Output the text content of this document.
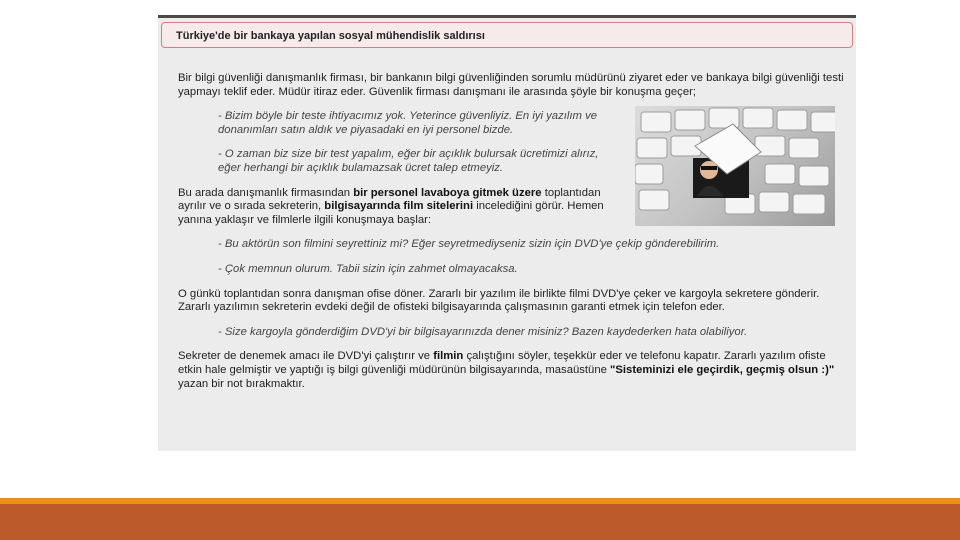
Türkiye'de bir bankaya yapılan sosyal mühendislik saldırısı

Bir bilgi güvenliği danışmanlık firması, bir bankanın bilgi güvenliğinden sorumlu müdürünü ziyaret eder ve bankaya bilgi güvenliği testi yapmayı teklif eder. Müdür itiraz eder. Güvenlik firması danışmanı ile arasında şöyle bir konuşma geçer;

- Bizim böyle bir teste ihtiyacımız yok. Yeterince güvenliyiz. En iyi yazılım ve donanımları satın aldık ve piyasadaki en iyi personel bizde.

- O zaman biz size bir test yapalım, eğer bir açıklık bulursak ücretimizi alırız, eğer herhangi bir açıklık bulamazsak ücret talep etmeyiz.

Bu arada danışmanlık firmasından bir personel lavaboya gitmek üzere toplantıdan ayrılır ve o sırada sekreterin, bilgisayarında film sitelerini incelediğini görür. Hemen yanına yaklaşır ve filmlerle ilgili konuşmaya başlar:

- Bu aktörün son filmini seyrettiniz mi? Eğer seyretmediyseniz sizin için DVD'ye çekip gönderebilirim.

- Çok memnun olurum. Tabii sizin için zahmet olmayacaksa.

O günkü toplantıdan sonra danışman ofise döner. Zararlı bir yazılım ile birlikte filmi DVD'ye çeker ve kargoyla sekretere gönderir. Zararlı yazılımın sekreterin evdeki değil de ofisteki bilgisayarında çalışmasının garanti etmek için telefon eder.

- Size kargoyla gönderdiğim DVD'yi bir bilgisayarınızda dener misiniz? Bazen kaydederken hata olabiliyor.

Sekreter de denemek amacı ile DVD'yi çalıştırır ve filmin çalıştığını söyler, teşekkür eder ve telefonu kapatır. Zararlı yazılım ofiste etkin hale gelmiştir ve yaptığı iş bilgi güvenliği müdürünün bilgisayarında, masaüstüne "Sisteminizi ele geçirdik, geçmiş olsun :)" yazan bir not bırakmaktır.
